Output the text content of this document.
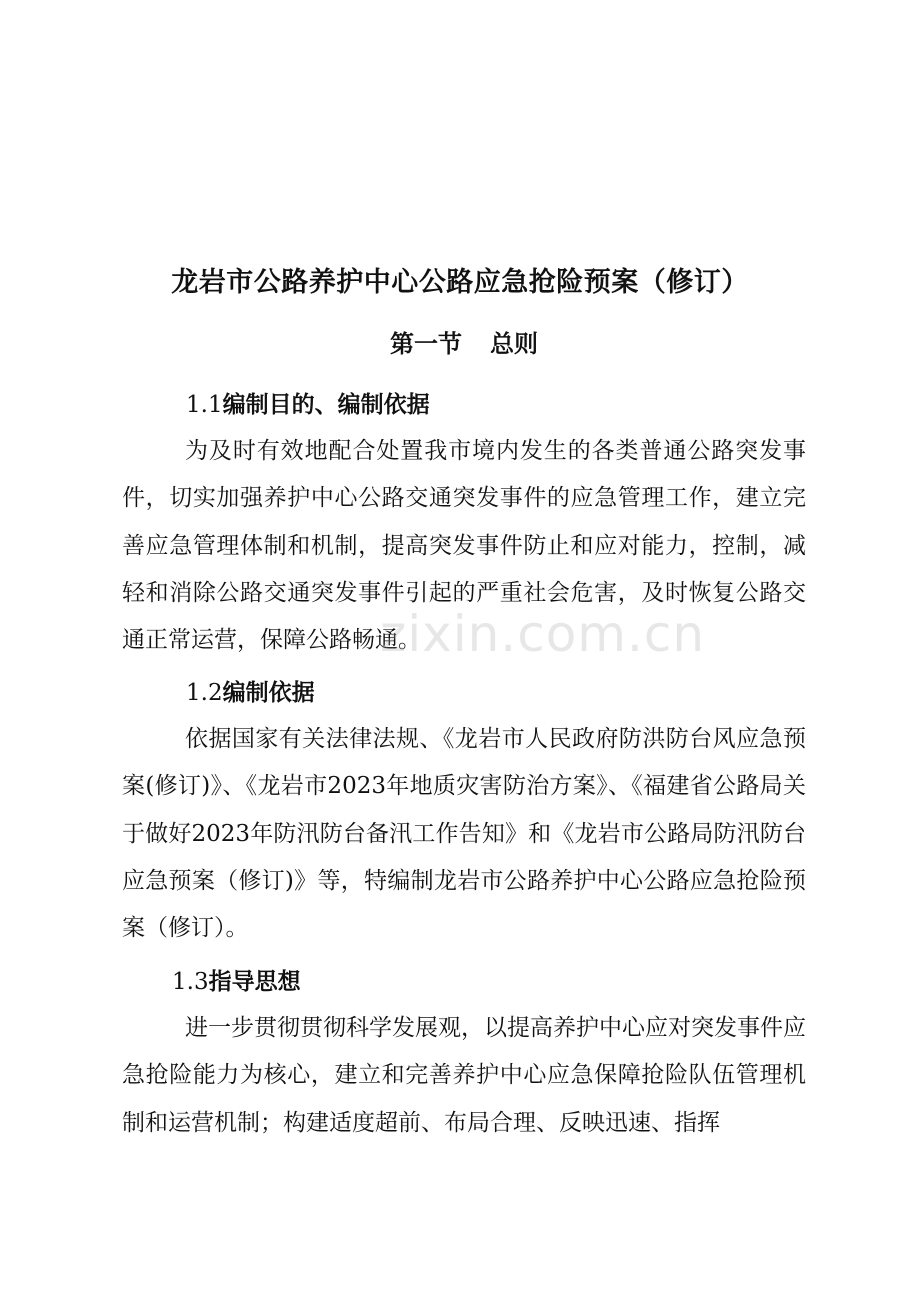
龙岩市公路养护中心公路应急抢险预案（修订）
第一节 总则
1.1编制目的、编制依据

为及时有效地配合处置我市境内发生的各类普通公路突发事件，切实加强养护中心公路交通突发事件的应急管理工作，建立完善应急管理体制和机制，提高突发事件防止和应对能力，控制，减轻和消除公路交通突发事件引起的严重社会危害，及时恢复公路交通正常运营，保障公路畅通。

1.2编制依据

依据国家有关法律法规、《龙岩市人民政府防洪防台风应急预案(修订)》、《龙岩市2023年地质灾害防治方案》、《福建省公路局关于做好2023年防汛防台备汛工作告知》和《龙岩市公路局防汛防台应急预案（修订)》等，特编制龙岩市公路养护中心公路应急抢险预案（修订）。

1.3指导思想

进一步贯彻贯彻科学发展观，以提高养护中心应对突发事件应急抢险能力为核心，建立和完善养护中心应急保障抢险队伍管理机制和运营机制；构建适度超前、布局合理、反映迅速、指挥

zixin.com.cn
